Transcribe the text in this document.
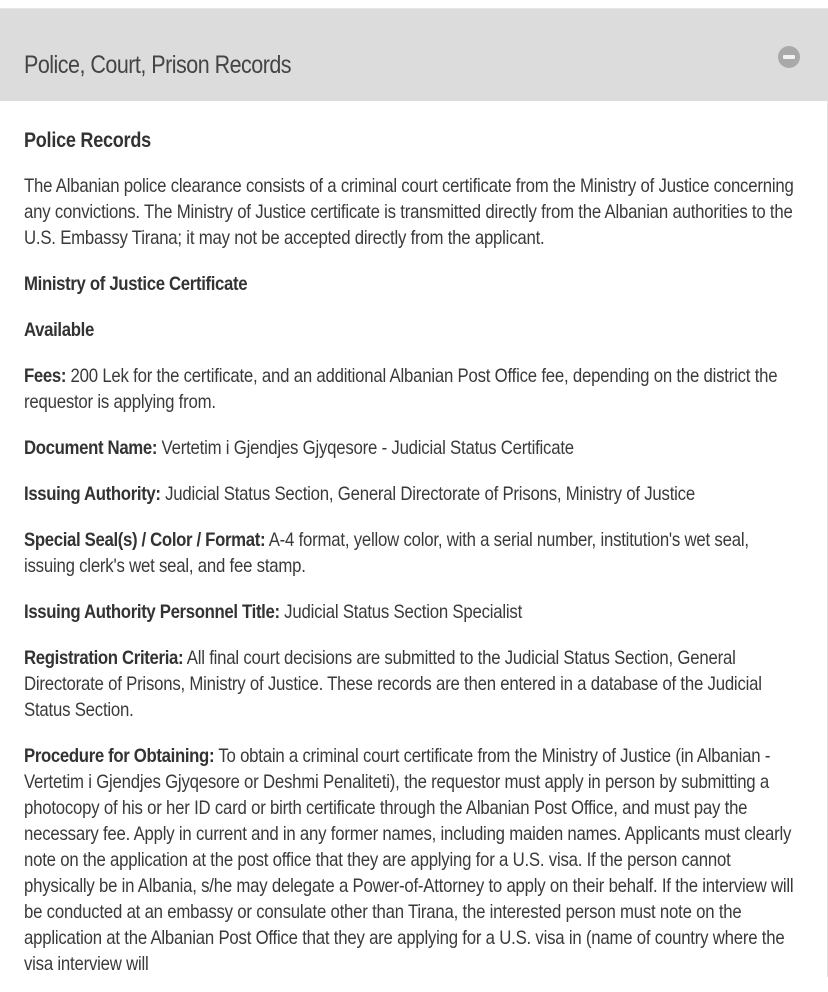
Police, Court, Prison Records
Police Records

The Albanian police clearance consists of a criminal court certificate from the Ministry of Justice concerning any convictions. The Ministry of Justice certificate is transmitted directly from the Albanian authorities to the U.S. Embassy Tirana; it may not be accepted directly from the applicant.

Ministry of Justice Certificate

Available

Fees: 200 Lek for the certificate, and an additional Albanian Post Office fee, depending on the district the requestor is applying from.

Document Name: Vertetim i Gjendjes Gjyqesore - Judicial Status Certificate

Issuing Authority: Judicial Status Section, General Directorate of Prisons, Ministry of Justice

Special Seal(s) / Color / Format: A-4 format, yellow color, with a serial number, institution's wet seal, issuing clerk's wet seal, and fee stamp.

Issuing Authority Personnel Title: Judicial Status Section Specialist

Registration Criteria: All final court decisions are submitted to the Judicial Status Section, General Directorate of Prisons, Ministry of Justice. These records are then entered in a database of the Judicial Status Section.

Procedure for Obtaining: To obtain a criminal court certificate from the Ministry of Justice (in Albanian - Vertetim i Gjendjes Gjyqesore or Deshmi Penaliteti), the requestor must apply in person by submitting a photocopy of his or her ID card or birth certificate through the Albanian Post Office, and must pay the necessary fee. Apply in current and in any former names, including maiden names. Applicants must clearly note on the application at the post office that they are applying for a U.S. visa. If the person cannot physically be in Albania, s/he may delegate a Power-of-Attorney to apply on their behalf. If the interview will be conducted at an embassy or consulate other than Tirana, the interested person must note on the application at the Albanian Post Office that they are applying for a U.S. visa in (name of country where the visa interview will
